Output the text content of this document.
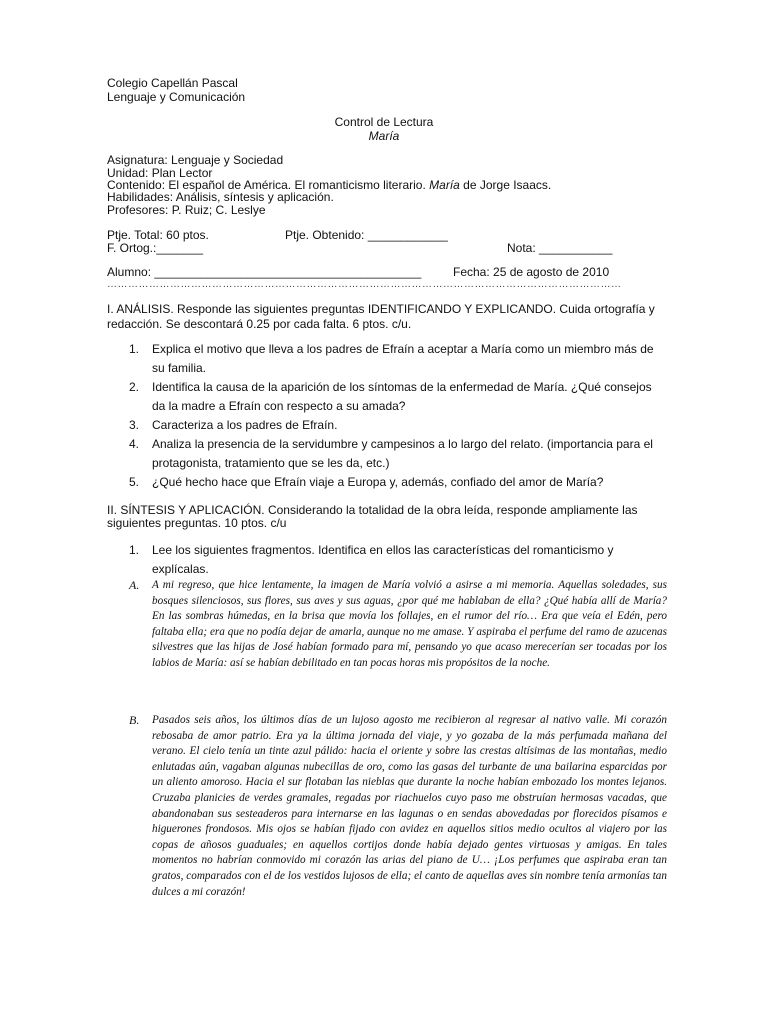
Colegio Capellán Pascal
Lenguaje y Comunicación
Control de Lectura
María
Asignatura: Lenguaje y Sociedad
Unidad: Plan Lector
Contenido: El español de América. El romanticismo literario. María de Jorge Isaacs.
Habilidades: Análisis, síntesis y aplicación.
Profesores: P. Ruiz; C. Leslye
Ptje. Total: 60 ptos.	Ptje. Obtenido: ____________
F. Ortog.:_______	Nota: ___________
Alumno: ________________________________________	Fecha: 25 de agosto de 2010
…………………………………………………………………………………………………………………………………
I. ANÁLISIS. Responde las siguientes preguntas IDENTIFICANDO Y EXPLICANDO. Cuida ortografía y redacción. Se descontará 0.25 por cada falta. 6 ptos. c/u.
1. Explica el motivo que lleva a los padres de Efraín a aceptar a María como un miembro más de su familia.
2. Identifica la causa de la aparición de los síntomas de la enfermedad de María. ¿Qué consejos da la madre a Efraín con respecto a su amada?
3. Caracteriza a los padres de Efraín.
4. Analiza la presencia de la servidumbre y campesinos a lo largo del relato. (importancia para el protagonista, tratamiento que se les da, etc.)
5. ¿Qué hecho hace que Efraín viaje a Europa y, además, confiado del amor de María?
II. SÍNTESIS Y APLICACIÓN. Considerando la totalidad de la obra leída, responde ampliamente las siguientes preguntas. 10 ptos. c/u
1. Lee los siguientes fragmentos. Identifica en ellos las características del romanticismo y explícalas.
A. A mi regreso, que hice lentamente, la imagen de María volvió a asirse a mi memoria. Aquellas soledades, sus bosques silenciosos, sus flores, sus aves y sus aguas, ¿por qué me hablaban de ella? ¿Qué había allí de María? En las sombras húmedas, en la brisa que movía los follajes, en el rumor del río… Era que veía el Edén, pero faltaba ella; era que no podía dejar de amarla, aunque no me amase. Y aspiraba el perfume del ramo de azucenas silvestres que las hijas de José habían formado para mí, pensando yo que acaso merecerían ser tocadas por los labios de María: así se habían debilitado en tan pocas horas mis propósitos de la noche.
B. Pasados seis años, los últimos días de un lujoso agosto me recibieron al regresar al nativo valle. Mi corazón rebosaba de amor patrio. Era ya la última jornada del viaje, y yo gozaba de la más perfumada mañana del verano. El cielo tenía un tinte azul pálido: hacia el oriente y sobre las crestas altísimas de las montañas, medio enlutadas aún, vagaban algunas nubecillas de oro, como las gasas del turbante de una bailarina esparcidas por un aliento amoroso. Hacia el sur flotaban las nieblas que durante la noche habían embozado los montes lejanos. Cruzaba planicies de verdes gramales, regadas por riachuelos cuyo paso me obstruían hermosas vacadas, que abandonaban sus sesteaderos para internarse en las lagunas o en sendas abovedadas por florecidos písamos e higuerones frondosos. Mis ojos se habían fijado con avidez en aquellos sitios medio ocultos al viajero por las copas de añosos guaduales; en aquellos cortijos donde había dejado gentes virtuosas y amigas. En tales momentos no habrían conmovido mi corazón las arias del piano de U… ¡Los perfumes que aspiraba eran tan gratos, comparados con el de los vestidos lujosos de ella; el canto de aquellas aves sin nombre tenía armonías tan dulces a mi corazón!
